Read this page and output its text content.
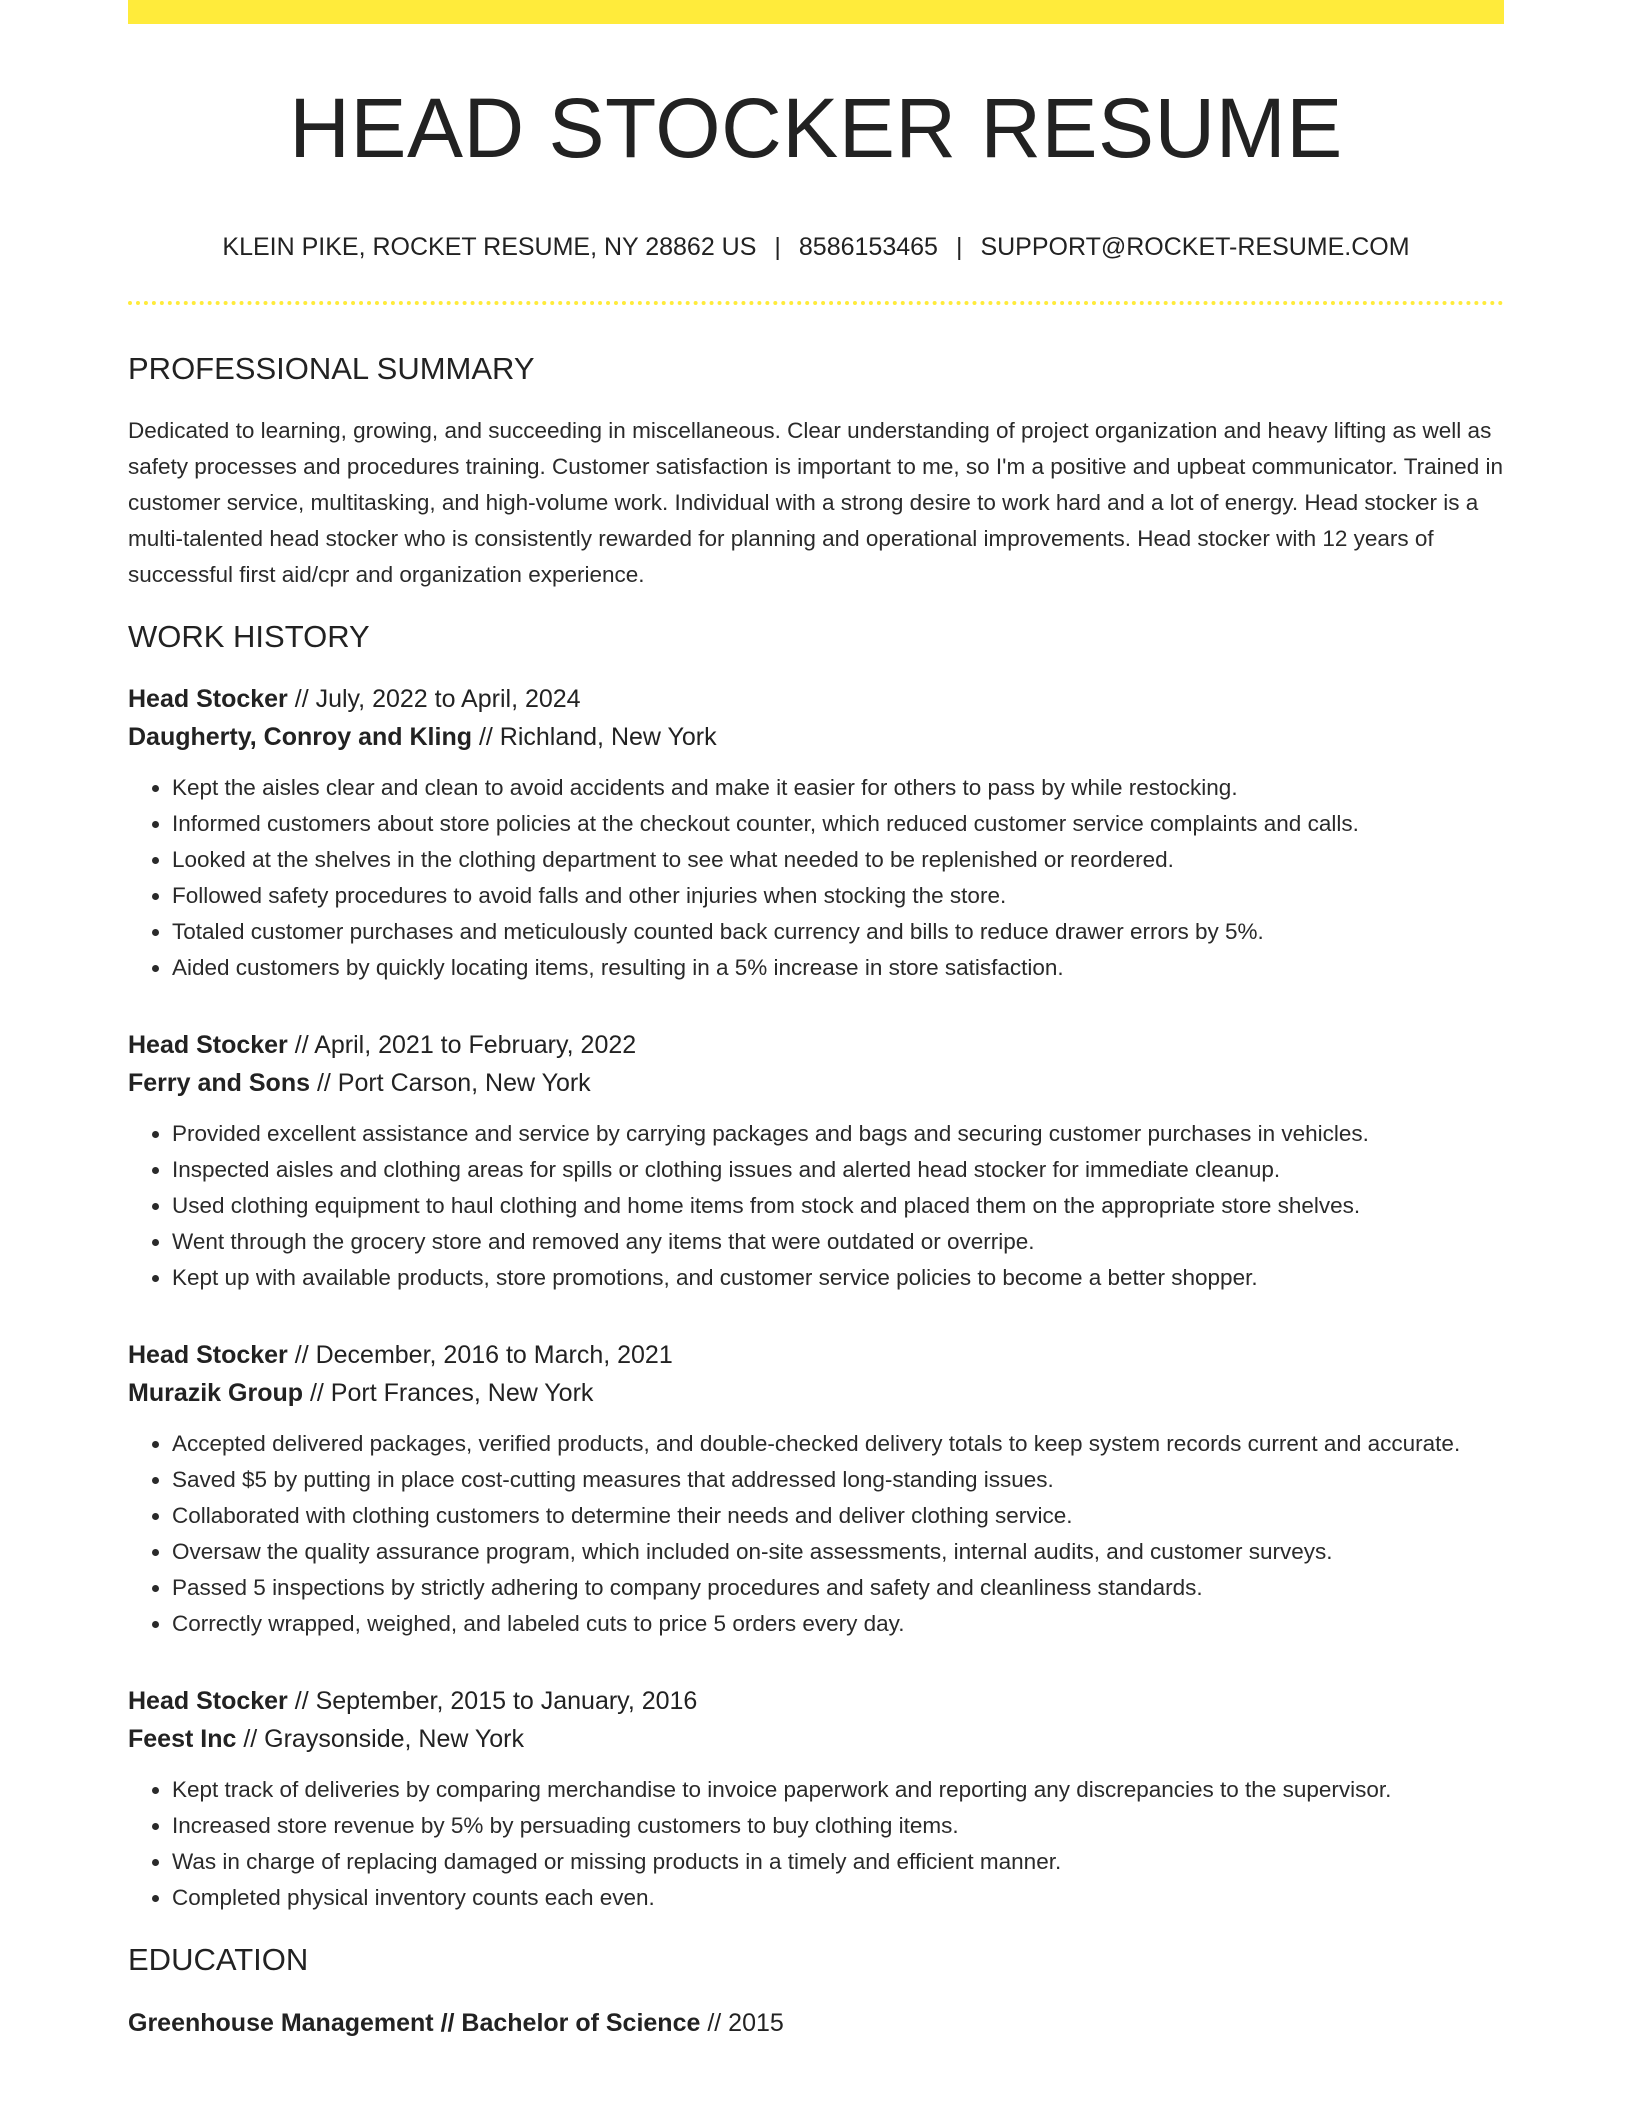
HEAD STOCKER RESUME
KLEIN PIKE, ROCKET RESUME, NY 28862 US | 8586153465 | SUPPORT@ROCKET-RESUME.COM
PROFESSIONAL SUMMARY

Dedicated to learning, growing, and succeeding in miscellaneous. Clear understanding of project organization and heavy lifting as well as safety processes and procedures training. Customer satisfaction is important to me, so I'm a positive and upbeat communicator. Trained in customer service, multitasking, and high-volume work. Individual with a strong desire to work hard and a lot of energy. Head stocker is a multi-talented head stocker who is consistently rewarded for planning and operational improvements. Head stocker with 12 years of successful first aid/cpr and organization experience.

WORK HISTORY
Head Stocker // July, 2022 to April, 2024
Daugherty, Conroy and Kling // Richland, New York
• Kept the aisles clear and clean to avoid accidents and make it easier for others to pass by while restocking.
• Informed customers about store policies at the checkout counter, which reduced customer service complaints and calls.
• Looked at the shelves in the clothing department to see what needed to be replenished or reordered.
• Followed safety procedures to avoid falls and other injuries when stocking the store.
• Totaled customer purchases and meticulously counted back currency and bills to reduce drawer errors by 5%.
• Aided customers by quickly locating items, resulting in a 5% increase in store satisfaction.
Head Stocker // April, 2021 to February, 2022
Ferry and Sons // Port Carson, New York
• Provided excellent assistance and service by carrying packages and bags and securing customer purchases in vehicles.
• Inspected aisles and clothing areas for spills or clothing issues and alerted head stocker for immediate cleanup.
• Used clothing equipment to haul clothing and home items from stock and placed them on the appropriate store shelves.
• Went through the grocery store and removed any items that were outdated or overripe.
• Kept up with available products, store promotions, and customer service policies to become a better shopper.
Head Stocker // December, 2016 to March, 2021
Murazik Group // Port Frances, New York
• Accepted delivered packages, verified products, and double-checked delivery totals to keep system records current and accurate.
• Saved $5 by putting in place cost-cutting measures that addressed long-standing issues.
• Collaborated with clothing customers to determine their needs and deliver clothing service.
• Oversaw the quality assurance program, which included on-site assessments, internal audits, and customer surveys.
• Passed 5 inspections by strictly adhering to company procedures and safety and cleanliness standards.
• Correctly wrapped, weighed, and labeled cuts to price 5 orders every day.
Head Stocker // September, 2015 to January, 2016
Feest Inc // Graysonside, New York
• Kept track of deliveries by comparing merchandise to invoice paperwork and reporting any discrepancies to the supervisor.
• Increased store revenue by 5% by persuading customers to buy clothing items.
• Was in charge of replacing damaged or missing products in a timely and efficient manner.
• Completed physical inventory counts each even.
EDUCATION
Greenhouse Management // Bachelor of Science // 2015
